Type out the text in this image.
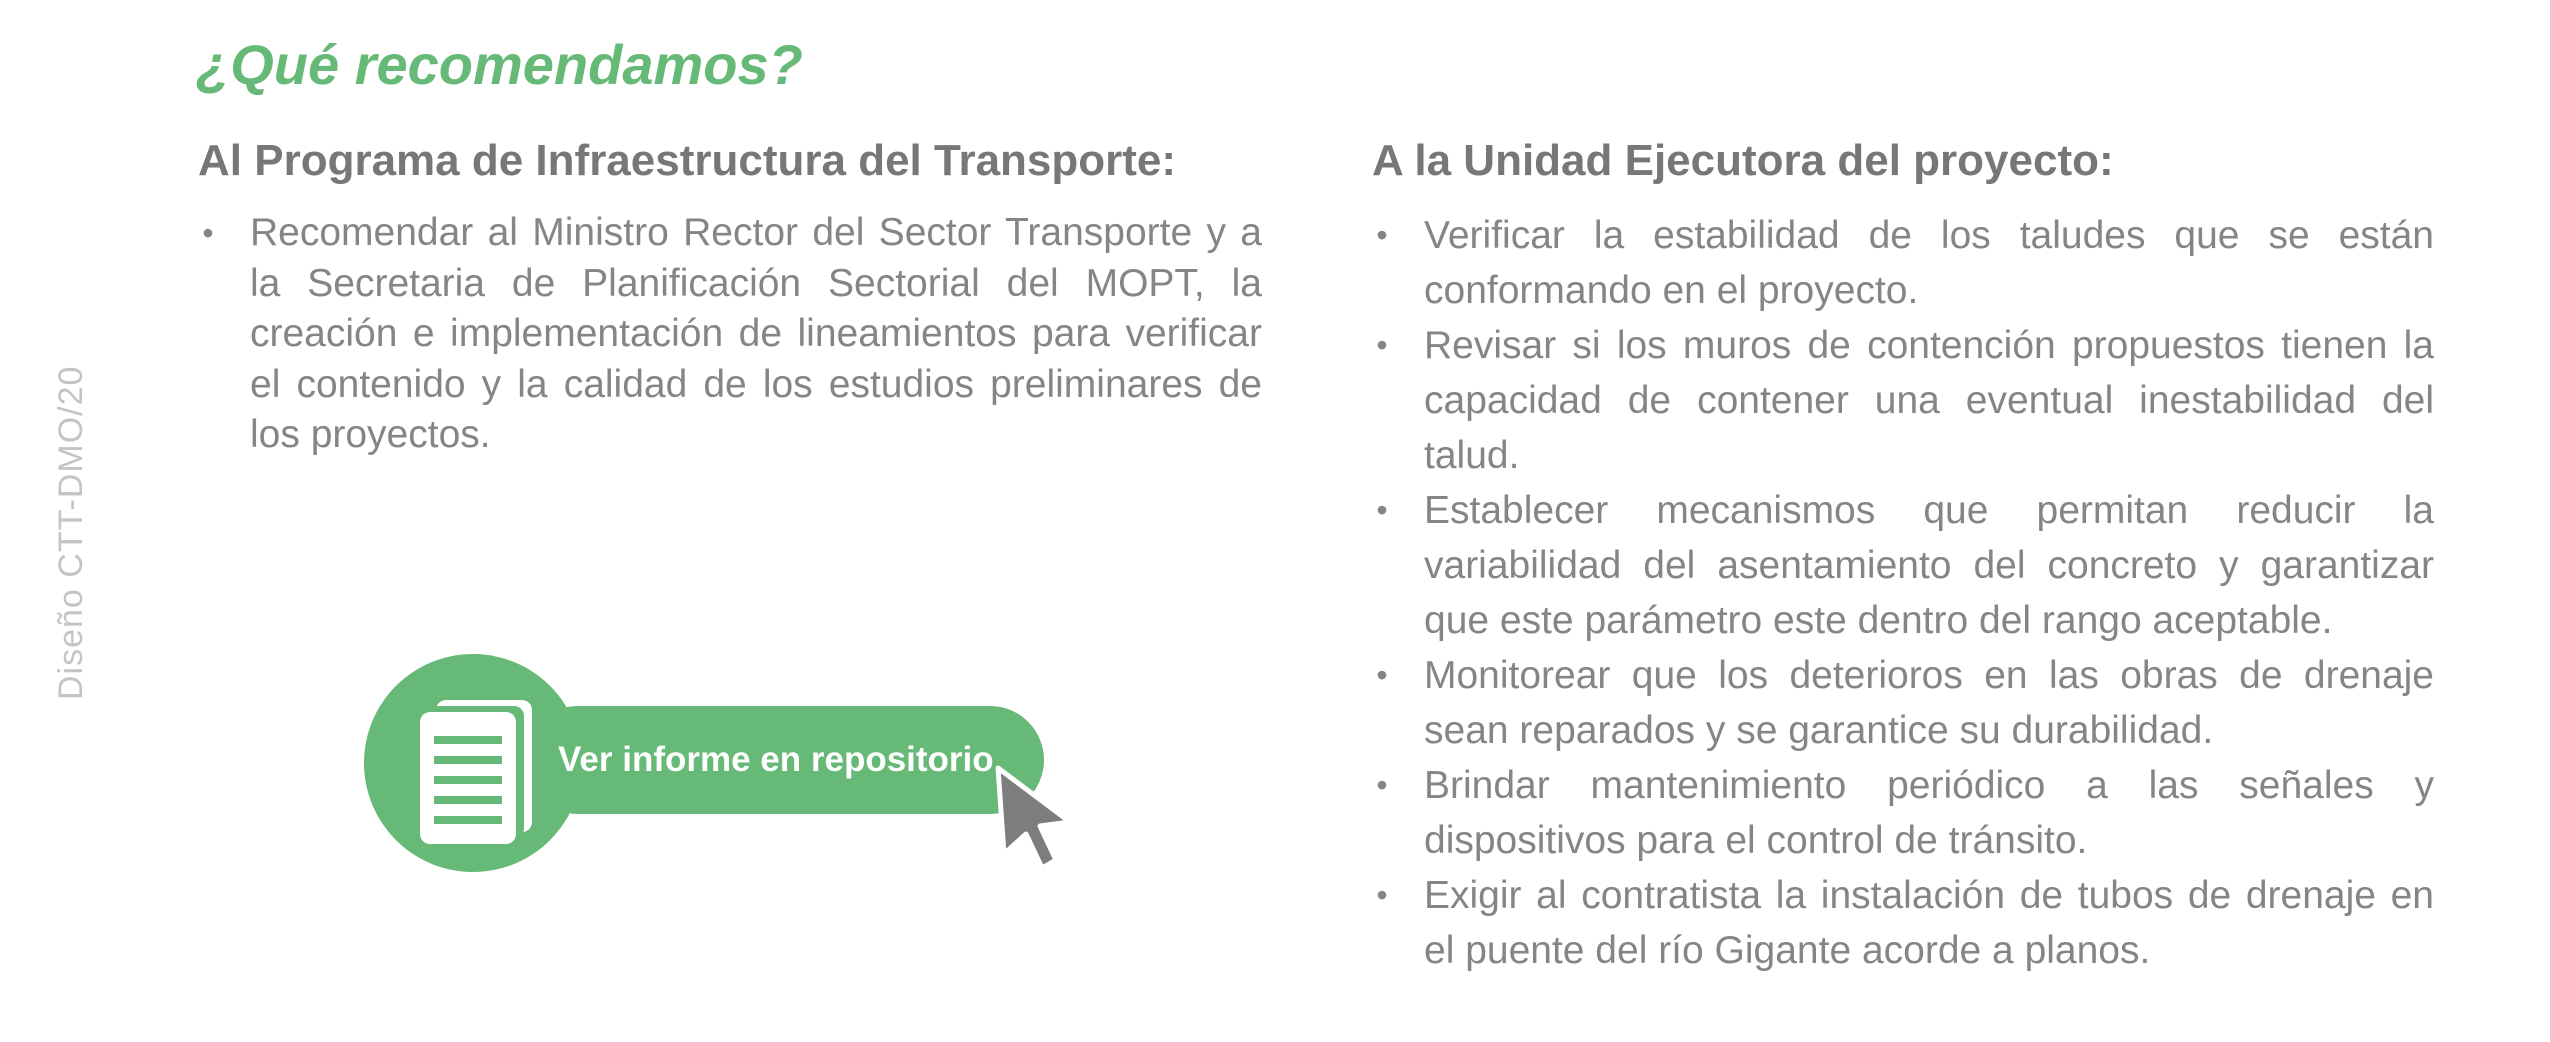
Diseño CTT-DMO/20
¿Qué recomendamos?
Al Programa de Infraestructura del Transporte:
• Recomendar al Ministro Rector del Sector Transporte y a la Secretaria de Planificación Sectorial del MOPT, la creación e implementación de lineamientos para verificar el contenido y la calidad de los estudios preliminares de los proyectos.
A la Unidad Ejecutora del proyecto:
• Verificar la estabilidad de los taludes que se están conformando en el proyecto.
• Revisar si los muros de contención propuestos tienen la capacidad de contener una eventual inestabilidad del talud.
• Establecer mecanismos que permitan reducir la variabilidad del asentamiento del concreto y garantizar que este parámetro este dentro del rango aceptable.
• Monitorear que los deterioros en las obras de drenaje sean reparados y se garantice su durabilidad.
• Brindar mantenimiento periódico a las señales y dispositivos para el control de tránsito.
• Exigir al contratista la instalación de tubos de drenaje en el puente del río Gigante acorde a planos.
Ver informe en repositorio
